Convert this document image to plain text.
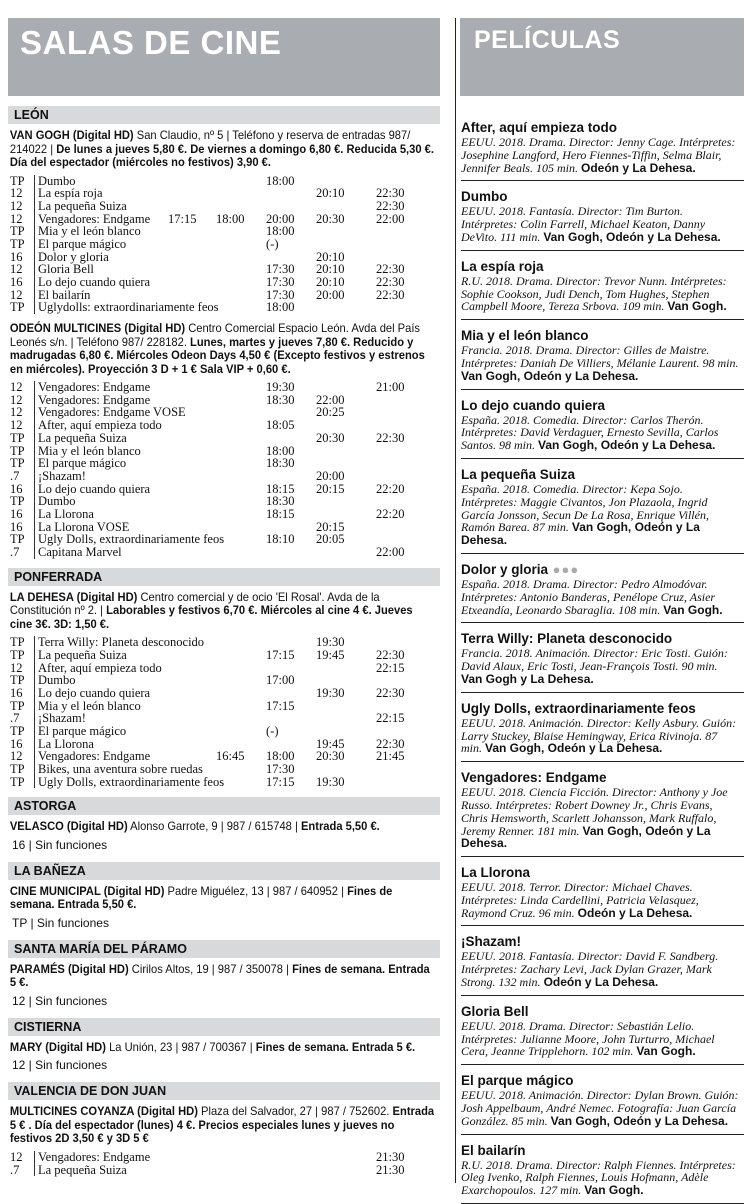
SALAS DE CINE
LEÓN
VAN GOGH (Digital HD) San Claudio, nº 5 | Teléfono y reserva de entradas 987/ 214022 | De lunes a jueves 5,80 €. De viernes a domingo 6,80 €. Reducida 5,30 €. Día del espectador (miércoles no festivos) 3,90 €.
TP	Dumbo	18:00
12	La espía roja	20:10	22:30
12	La pequeña Suiza	22:30
12	Vengadores: Endgame 17:15 18:00 20:00 20:30	22:00
TP	Mia y el león blanco	18:00
TP	El parque mágico	(-)
16	Dolor y gloria	20:10
12	Gloria Bell	17:30 20:10	22:30
16	Lo dejo cuando quiera	17:30 20:10	22:30
12	El bailarín	17:30 20:00	22:30
TP	Uglydolls: extraordinariamente feos	18:00
ODEÓN MULTICINES (Digital HD) Centro Comercial Espacio León. Avda del País Leonés s/n. | Teléfono 987/ 228182. Lunes, martes y jueves 7,80 €. Reducido y madrugadas 6,80 €. Miércoles Odeon Days 4,50 € (Excepto festivos y estrenos en miércoles). Proyección 3 D + 1 € Sala VIP + 0,60 €.
12	Vengadores: Endgame	19:30	21:00
12	Vengadores: Endgame	18:30 22:00
12	Vengadores: Endgame VOSE	20:25
12	After, aquí empieza todo	18:05
TP	La pequeña Suiza	20:30	22:30
TP	Mia y el león blanco	18:00
TP	El parque mágico	18:30
.7	¡Shazam!	20:00
16	Lo dejo cuando quiera	18:15 20:15	22:20
TP	Dumbo	18:30
16	La Llorona	18:15	22:20
16	La Llorona VOSE	20:15
TP	Ugly Dolls, extraordinariamente feos	18:10 20:05
.7	Capitana Marvel	22:00
PONFERRADA
LA DEHESA (Digital HD) Centro comercial y de ocio 'El Rosal'. Avda de la Constitución nº 2. | Laborables y festivos 6,70 €. Miércoles al cine 4 €. Jueves cine 3€. 3D: 1,50 €.
TP	Terra Willy: Planeta desconocido	19:30
TP	La pequeña Suiza	17:15 19:45	22:30
12	After, aquí empieza todo	22:15
TP	Dumbo	17:00
16	Lo dejo cuando quiera	19:30	22:30
TP	Mia y el león blanco	17:15
.7	¡Shazam!	22:15
TP	El parque mágico	(-)
16	La Llorona	19:45	22:30
12	Vengadores: Endgame	16:45 18:00 20:30	21:45
TP	Bikes, una aventura sobre ruedas	17:30
TP	Ugly Dolls, extraordinariamente feos	17:15 19:30
ASTORGA
VELASCO (Digital HD) Alonso Garrote, 9 | 987 / 615748 | Entrada 5,50 €.
16 | Sin funciones
LA BAÑEZA
CINE MUNICIPAL (Digital HD) Padre Miguélez, 13 | 987 / 640952 | Fines de semana. Entrada 5,50 €.
TP | Sin funciones
SANTA MARÍA DEL PÁRAMO
PARAMÉS (Digital HD) Cirilos Altos, 19 | 987 / 350078 | Fines de semana. Entrada 5 €.
12 | Sin funciones
CISTIERNA
MARY (Digital HD) La Unión, 23 | 987 / 700367 | Fines de semana. Entrada 5 €.
12 | Sin funciones
VALENCIA DE DON JUAN
MULTICINES COYANZA (Digital HD) Plaza del Salvador, 27 | 987 / 752602. Entrada 5 € . Día del espectador (lunes) 4 €. Precios especiales lunes y jueves no festivos 2D 3,50 € y 3D 5 €
12	Vengadores: Endgame	21:30
.7	La pequeña Suiza	21:30
PELÍCULAS
After, aquí empieza todo
EEUU. 2018. Drama. Director: Jenny Cage. Intérpretes: Josephine Langford, Hero Fiennes-Tiffin, Selma Blair, Jennifer Beals. 105 min. Odeón y La Dehesa.
Dumbo
EEUU. 2018. Fantasía. Director: Tim Burton. Intérpretes: Colin Farrell, Michael Keaton, Danny DeVito. 111 min. Van Gogh, Odeón y La Dehesa.
La espía roja
R.U. 2018. Drama. Director: Trevor Nunn. Intérpretes: Sophie Cookson, Judi Dench, Tom Hughes, Stephen Campbell Moore, Tereza Srbova. 109 min. Van Gogh.
Mia y el león blanco
Francia. 2018. Drama. Director: Gilles de Maistre. Intérpretes: Daniah De Villiers, Mélanie Laurent. 98 min. Van Gogh, Odeón y La Dehesa.
Lo dejo cuando quiera
España. 2018. Comedia. Director: Carlos Therón. Intérpretes: David Verdaguer, Ernesto Sevilla, Carlos Santos. 98 min. Van Gogh, Odeón y La Dehesa.
La pequeña Suiza
España. 2018. Comedia. Director: Kepa Sojo. Intérpretes: Maggie Civantos, Jon Plazaola, Ingrid García Jonsson, Secun De La Rosa, Enrique Villén, Ramón Barea. 87 min. Van Gogh, Odeón y La Dehesa.
Dolor y gloria ●●●
España. 2018. Drama. Director: Pedro Almodóvar. Intérpretes: Antonio Banderas, Penélope Cruz, Asier Etxeandía, Leonardo Sbaraglia. 108 min. Van Gogh.
Terra Willy: Planeta desconocido
Francia. 2018. Animación. Director: Eric Tosti. Guión: David Alaux, Eric Tosti, Jean-François Tosti. 90 min. Van Gogh y La Dehesa.
Ugly Dolls, extraordinariamente feos
EEUU. 2018. Animación. Director: Kelly Asbury. Guión: Larry Stuckey, Blaise Hemingway, Erica Rivinoja. 87 min. Van Gogh, Odeón y La Dehesa.
Vengadores: Endgame
EEUU. 2018. Ciencia Ficción. Director: Anthony y Joe Russo. Intérpretes: Robert Downey Jr., Chris Evans, Chris Hemsworth, Scarlett Johansson, Mark Ruffalo, Jeremy Renner. 181 min. Van Gogh, Odeón y La Dehesa.
La Llorona
EEUU. 2018. Terror. Director: Michael Chaves. Intérpretes: Linda Cardellini, Patricia Velasquez, Raymond Cruz. 96 min. Odeón y La Dehesa.
¡Shazam!
EEUU. 2018. Fantasía. Director: David F. Sandberg. Intérpretes: Zachary Levi, Jack Dylan Grazer, Mark Strong. 132 min. Odeón y La Dehesa.
Gloria Bell
EEUU. 2018. Drama. Director: Sebastián Lelio. Intérpretes: Julianne Moore, John Turturro, Michael Cera, Jeanne Tripplehorn. 102 min. Van Gogh.
El parque mágico
EEUU. 2018. Animación. Director: Dylan Brown. Guión: Josh Appelbaum, André Nemec. Fotografía: Juan García González. 85 min. Van Gogh, Odeón y La Dehesa.
El bailarín
R.U. 2018. Drama. Director: Ralph Fiennes. Intérpretes: Oleg Ivenko, Ralph Fiennes, Louis Hofmann, Adèle Exarchopoulos. 127 min. Van Gogh.
